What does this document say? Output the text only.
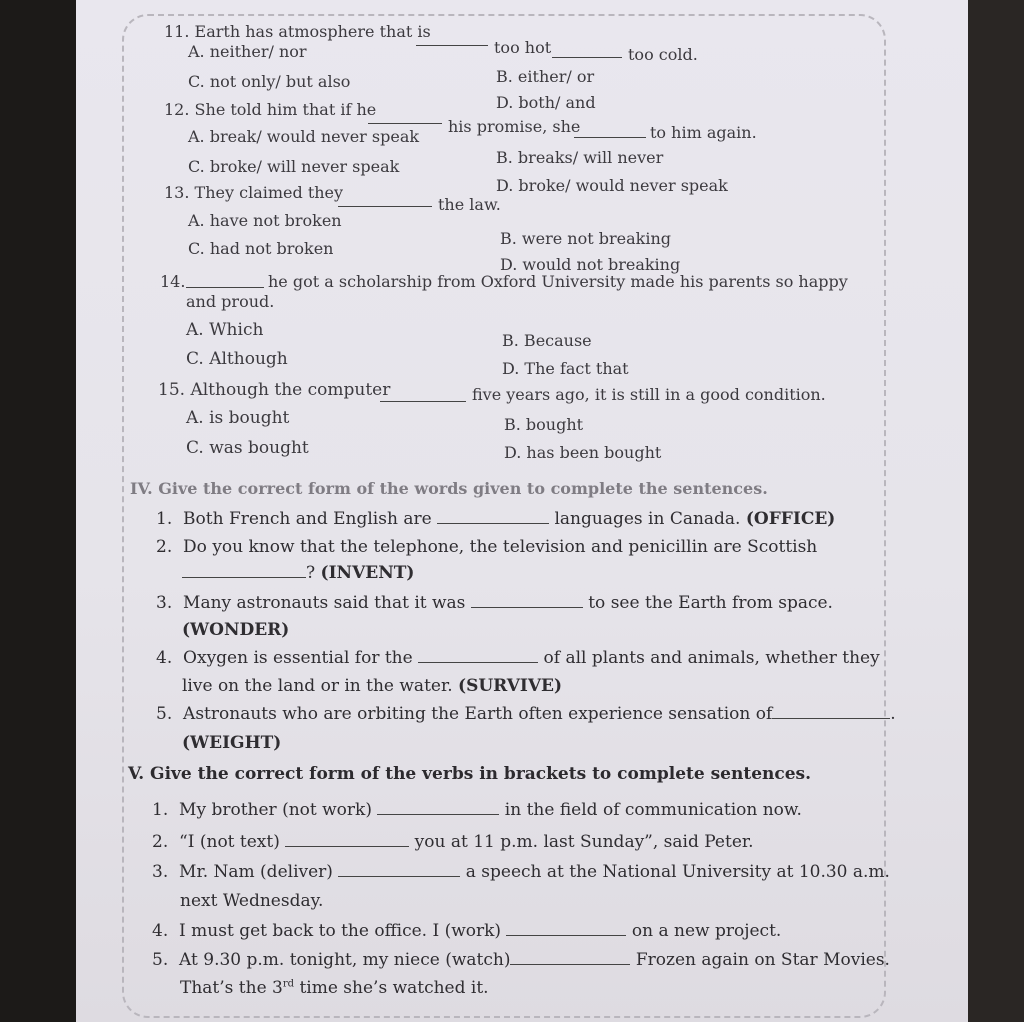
11. Earth has atmosphere that is
too hot	too cold.
A. neither/ nor
B. either/ or
C. not only/ but also
D. both/ and
12. She told him that if he
his promise, she	to him again.
A. break/ would never speak
B. breaks/ will never
C. broke/ will never speak
D. broke/ would never speak
13. They claimed they
the law.
A. have not broken
B. were not breaking
C. had not broken
D. would not breaking
14.	he got a scholarship from Oxford University made his parents so happy
and proud.
A. Which
B. Because
C. Although	D. The fact that
15. Although the computer	five years ago, it is still in a good condition.
A. is bought	B. bought
C. was bought	D. has been bought
IV. Give the correct form of the words given to complete the sentences.
1. Both French and English are	languages in Canada. (OFFICE)
2. Do you know that the telephone, the television and penicillin are Scottish
? (INVENT)
3. Many astronauts said that it was	to see the Earth from space.
(WONDER)
4. Oxygen is essential for the	of all plants and animals, whether they
live on the land or in the water. (SURVIVE)
5. Astronauts who are orbiting the Earth often experience sensation of	.
(WEIGHT)
V. Give the correct form of the verbs in brackets to complete sentences.
1. My brother (not work)	in the field of communication now.
2. “I (not text)	you at 11 p.m. last Sunday”, said Peter.
3. Mr. Nam (deliver)	a speech at the National University at 10.30 a.m.
next Wednesday.
4. I must get back to the office. I (work)	on a new project.
5. At 9.30 p.m. tonight, my niece (watch)	Frozen again on Star Movies.
That’s the 3rd time she’s watched it.
